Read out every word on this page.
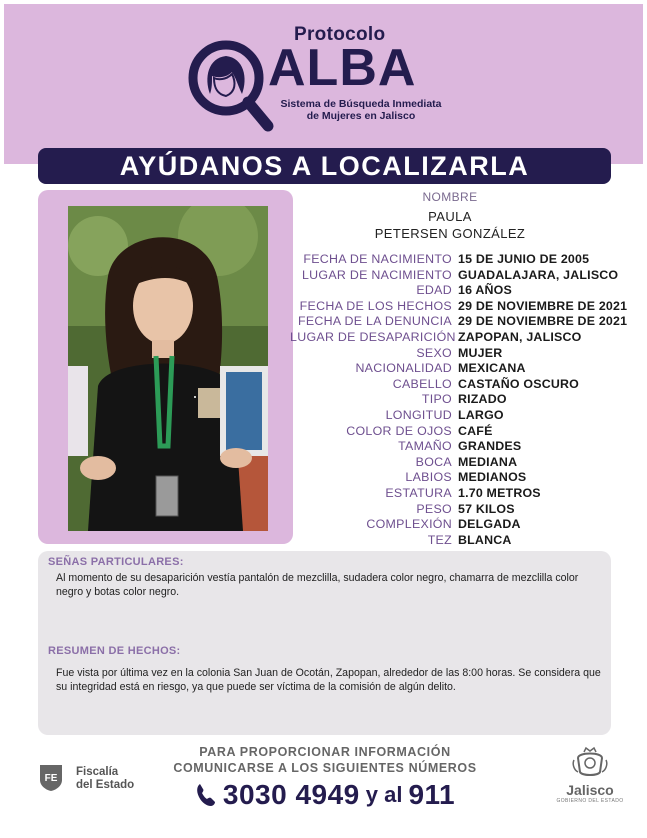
Protocolo
ALBA
Sistema de Búsqueda Inmediata
de Mujeres en Jalisco
AYÚDANOS A LOCALIZARLA
NOMBRE
PAULA
PETERSEN GONZÁLEZ
FECHA DE NACIMIENTO 15 DE JUNIO DE 2005
LUGAR DE NACIMIENTO GUADALAJARA, JALISCO
EDAD 16 AÑOS
FECHA DE LOS HECHOS 29 DE NOVIEMBRE DE 2021
FECHA DE LA DENUNCIA 29 DE NOVIEMBRE DE 2021
LUGAR DE DESAPARICIÓN ZAPOPAN, JALISCO
SEXO MUJER
NACIONALIDAD MEXICANA
CABELLO CASTAÑO OSCURO
TIPO RIZADO
LONGITUD LARGO
COLOR DE OJOS CAFÉ
TAMAÑO GRANDES
BOCA MEDIANA
LABIOS MEDIANOS
ESTATURA 1.70 METROS
PESO 57 KILOS
COMPLEXIÓN DELGADA
TEZ BLANCA
SEÑAS PARTICULARES:
Al momento de su desaparición vestía pantalón de mezclilla, sudadera color negro, chamarra de mezclilla color negro y botas color negro.
RESUMEN DE HECHOS:
Fue vista por última vez en la colonia San Juan de Ocotán, Zapopan, alrededor de las 8:00 horas. Se considera que su integridad está en riesgo, ya que puede ser víctima de la comisión de algún delito.
FE
Fiscalía
del Estado
PARA PROPORCIONAR INFORMACIÓN
COMUNICARSE A LOS SIGUIENTES NÚMEROS
3030 4949 y al 911	Jalisco
GOBIERNO DEL ESTADO
